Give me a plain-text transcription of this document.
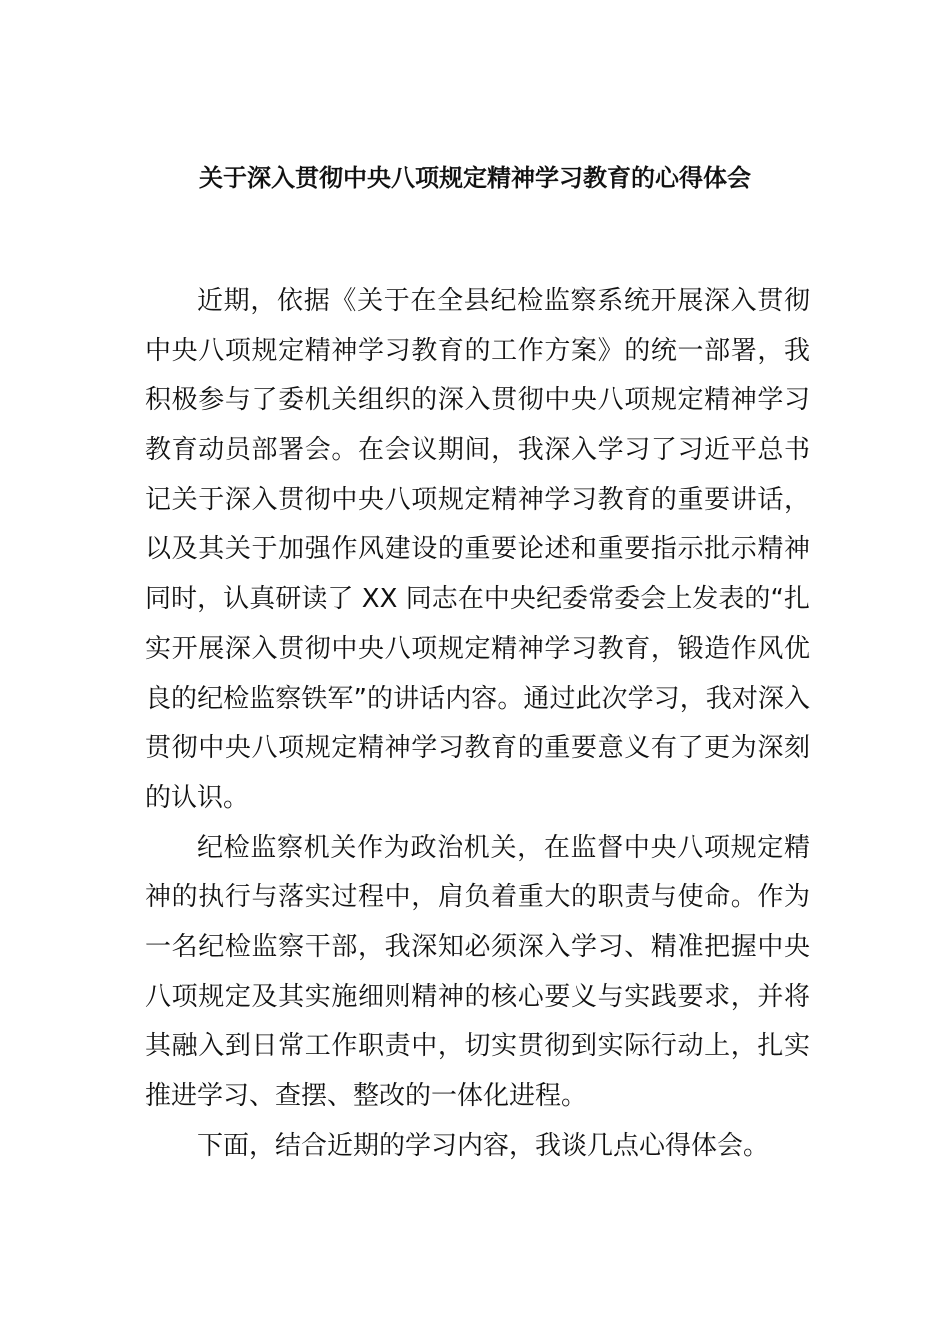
关于深入贯彻中央八项规定精神学习教育的心得体会
近期，依据《关于在全县纪检监察系统开展深入贯彻
中央八项规定精神学习教育的工作方案》的统一部署，我
积极参与了委机关组织的深入贯彻中央八项规定精神学习
教育动员部署会。在会议期间，我深入学习了习近平总书
记关于深入贯彻中央八项规定精神学习教育的重要讲话，
以及其关于加强作风建设的重要论述和重要指示批示精神
同时，认真研读了 XX 同志在中央纪委常委会上发表的“扎
实开展深入贯彻中央八项规定精神学习教育，锻造作风优
良的纪检监察铁军”的讲话内容。通过此次学习，我对深入
贯彻中央八项规定精神学习教育的重要意义有了更为深刻
的认识。
纪检监察机关作为政治机关，在监督中央八项规定精
神的执行与落实过程中，肩负着重大的职责与使命。作为
一名纪检监察干部，我深知必须深入学习、精准把握中央
八项规定及其实施细则精神的核心要义与实践要求，并将
其融入到日常工作职责中，切实贯彻到实际行动上，扎实
推进学习、查摆、整改的一体化进程。
下面，结合近期的学习内容，我谈几点心得体会。
